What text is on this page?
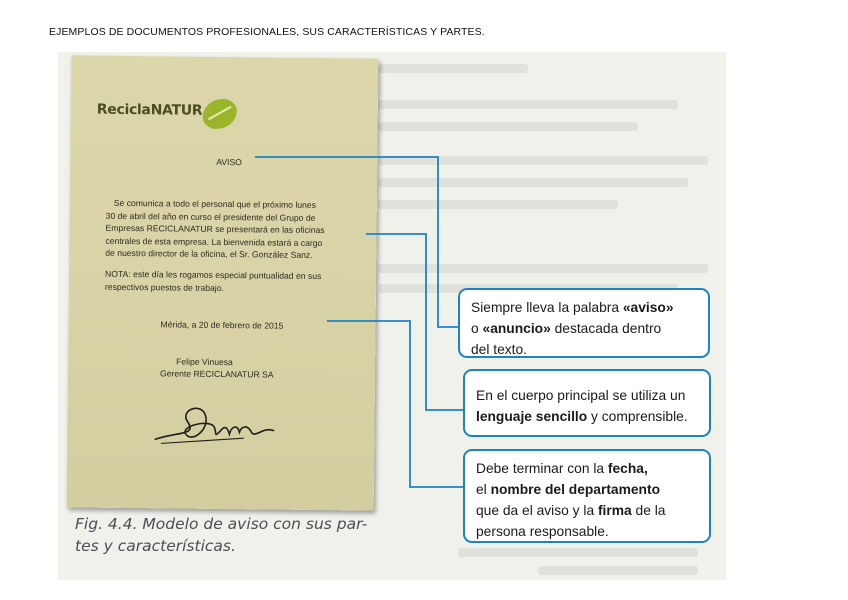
EJEMPLOS DE DOCUMENTOS PROFESIONALES, SUS CARACTERÍSTICAS Y PARTES.
ReciclaNATUR
AVISO
Se comunica a todo el personal que el próximo lunes
30 de abril del año en curso el presidente del Grupo de
Empresas RECICLANATUR se presentará en las oficinas
centrales de esta empresa. La bienvenida estará a cargo
de nuestro director de la oficina, el Sr. González Sanz.
NOTA: este día les rogamos especial puntualidad en sus
respectivos puestos de trabajo.
Mérida, a 20 de febrero de 2015
Felipe Vinuesa
Gerente RECICLANATUR SA
Fig. 4.4. Modelo de aviso con sus par-
tes y características.
Siempre lleva la palabra «aviso»
o «anuncio» destacada dentro
del texto.
En el cuerpo principal se utiliza un
lenguaje sencillo y comprensible.
Debe terminar con la fecha,
el nombre del departamento
que da el aviso y la firma de la
persona responsable.
